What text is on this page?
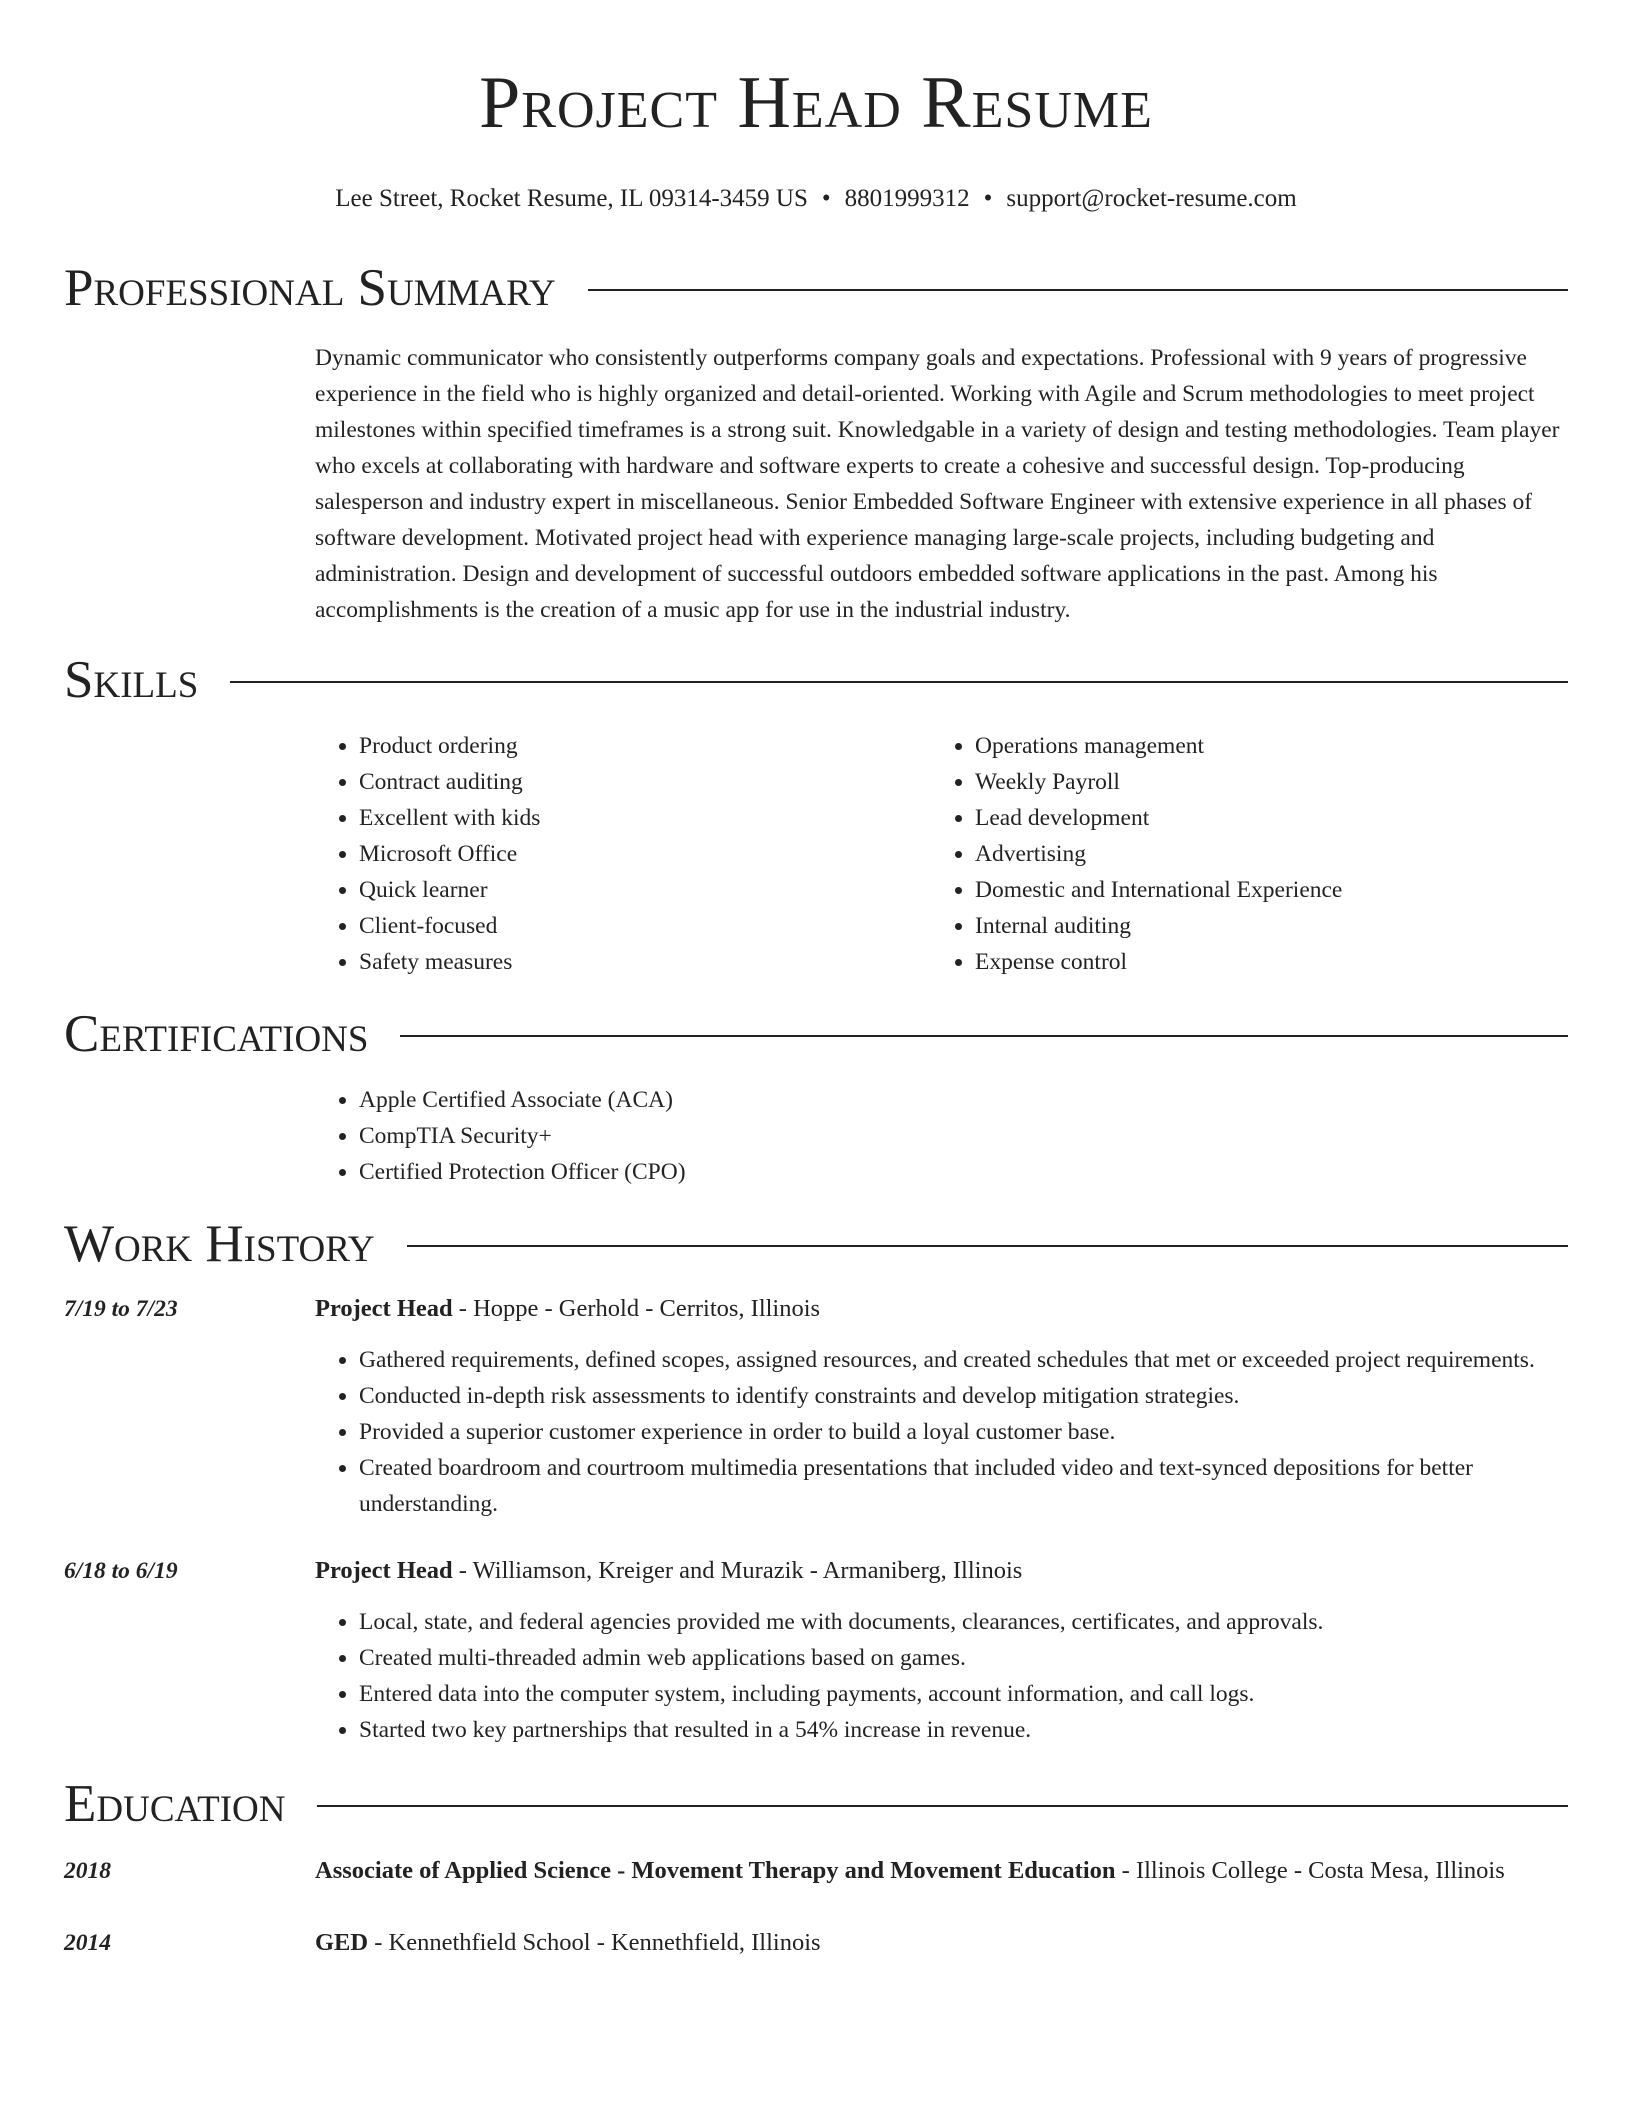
Project Head Resume
Lee Street, Rocket Resume, IL 09314-3459 US • 8801999312 • support@rocket-resume.com
Professional Summary
Dynamic communicator who consistently outperforms company goals and expectations. Professional with 9 years of progressive experience in the field who is highly organized and detail-oriented. Working with Agile and Scrum methodologies to meet project milestones within specified timeframes is a strong suit. Knowledgable in a variety of design and testing methodologies. Team player who excels at collaborating with hardware and software experts to create a cohesive and successful design. Top-producing salesperson and industry expert in miscellaneous. Senior Embedded Software Engineer with extensive experience in all phases of software development. Motivated project head with experience managing large-scale projects, including budgeting and administration. Design and development of successful outdoors embedded software applications in the past. Among his accomplishments is the creation of a music app for use in the industrial industry.
Skills
• Product ordering
• Contract auditing
• Excellent with kids
• Microsoft Office
• Quick learner
• Client-focused
• Safety measures
• Operations management
• Weekly Payroll
• Lead development
• Advertising
• Domestic and International Experience
• Internal auditing
• Expense control
Certifications
• Apple Certified Associate (ACA)
• CompTIA Security+
• Certified Protection Officer (CPO)
Work History
7/19 to 7/23	Project Head - Hoppe - Gerhold - Cerritos, Illinois
• Gathered requirements, defined scopes, assigned resources, and created schedules that met or exceeded project requirements.
• Conducted in-depth risk assessments to identify constraints and develop mitigation strategies.
• Provided a superior customer experience in order to build a loyal customer base.
• Created boardroom and courtroom multimedia presentations that included video and text-synced depositions for better understanding.
6/18 to 6/19	Project Head - Williamson, Kreiger and Murazik - Armaniberg, Illinois
• Local, state, and federal agencies provided me with documents, clearances, certificates, and approvals.
• Created multi-threaded admin web applications based on games.
• Entered data into the computer system, including payments, account information, and call logs.
• Started two key partnerships that resulted in a 54% increase in revenue.
Education
2018	Associate of Applied Science - Movement Therapy and Movement Education - Illinois College - Costa Mesa, Illinois
2014	GED - Kennethfield School - Kennethfield, Illinois
